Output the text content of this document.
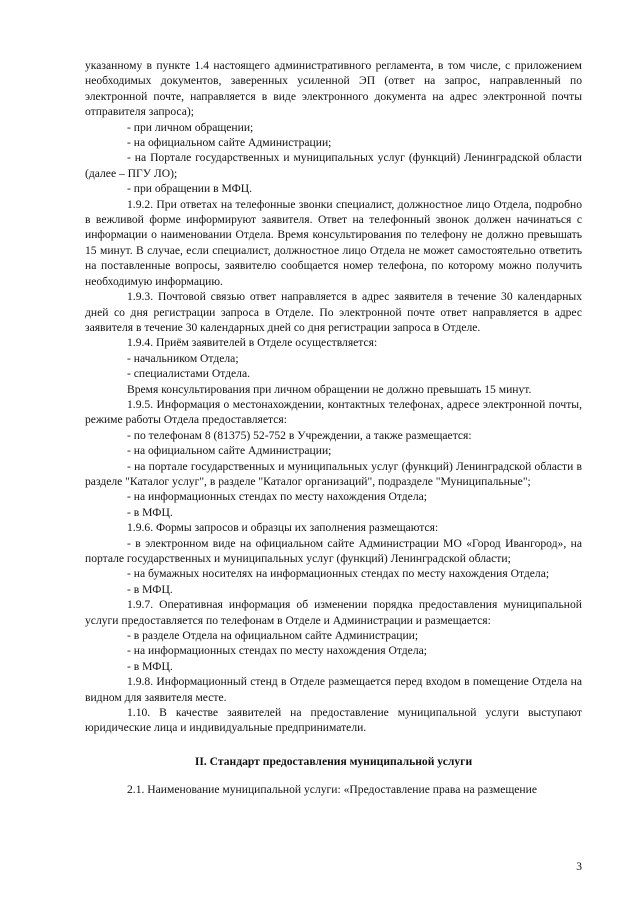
указанному в пункте 1.4 настоящего административного регламента, в том числе, с приложением необходимых документов, заверенных усиленной ЭП (ответ на запрос, направленный по электронной почте, направляется в виде электронного документа на адрес электронной почты отправителя запроса);

- при личном обращении;

- на официальном сайте Администрации;

- на Портале государственных и муниципальных услуг (функций) Ленинградской области (далее – ПГУ ЛО);

- при обращении в МФЦ.

1.9.2. При ответах на телефонные звонки специалист, должностное лицо Отдела, подробно в вежливой форме информируют заявителя. Ответ на телефонный звонок должен начинаться с информации о наименовании Отдела. Время консультирования по телефону не должно превышать 15 минут. В случае, если специалист, должностное лицо Отдела не может самостоятельно ответить на поставленные вопросы, заявителю сообщается номер телефона, по которому можно получить необходимую информацию.

1.9.3. Почтовой связью ответ направляется в адрес заявителя в течение 30 календарных дней со дня регистрации запроса в Отделе. По электронной почте ответ направляется в адрес заявителя в течение 30 календарных дней со дня регистрации запроса в Отделе.

1.9.4. Приём заявителей в Отделе осуществляется:

- начальником Отдела;

- специалистами Отдела.

Время консультирования при личном обращении не должно превышать 15 минут.

1.9.5. Информация о местонахождении, контактных телефонах, адресе электронной почты, режиме работы Отдела предоставляется:

- по телефонам 8 (81375) 52-752 в Учреждении, а также размещается:

- на официальном сайте Администрации;

- на портале государственных и муниципальных услуг (функций) Ленинградской области в разделе "Каталог услуг", в разделе "Каталог организаций", подразделе "Муниципальные";

- на информационных стендах по месту нахождения Отдела;

- в МФЦ.

1.9.6. Формы запросов и образцы их заполнения размещаются:

- в электронном виде на официальном сайте Администрации МО «Город Ивангород», на портале государственных и муниципальных услуг (функций) Ленинградской области;

- на бумажных носителях на информационных стендах по месту нахождения Отдела;

- в МФЦ.

1.9.7. Оперативная информация об изменении порядка предоставления муниципальной услуги предоставляется по телефонам в Отделе и Администрации и размещается:

- в разделе Отдела на официальном сайте Администрации;

- на информационных стендах по месту нахождения Отдела;

- в МФЦ.

1.9.8. Информационный стенд в Отделе размещается перед входом в помещение Отдела на видном для заявителя месте.

1.10. В качестве заявителей на предоставление муниципальной услуги выступают юридические лица и индивидуальные предприниматели.

II. Стандарт предоставления муниципальной услуги

2.1. Наименование муниципальной услуги: «Предоставление права на размещение

3
